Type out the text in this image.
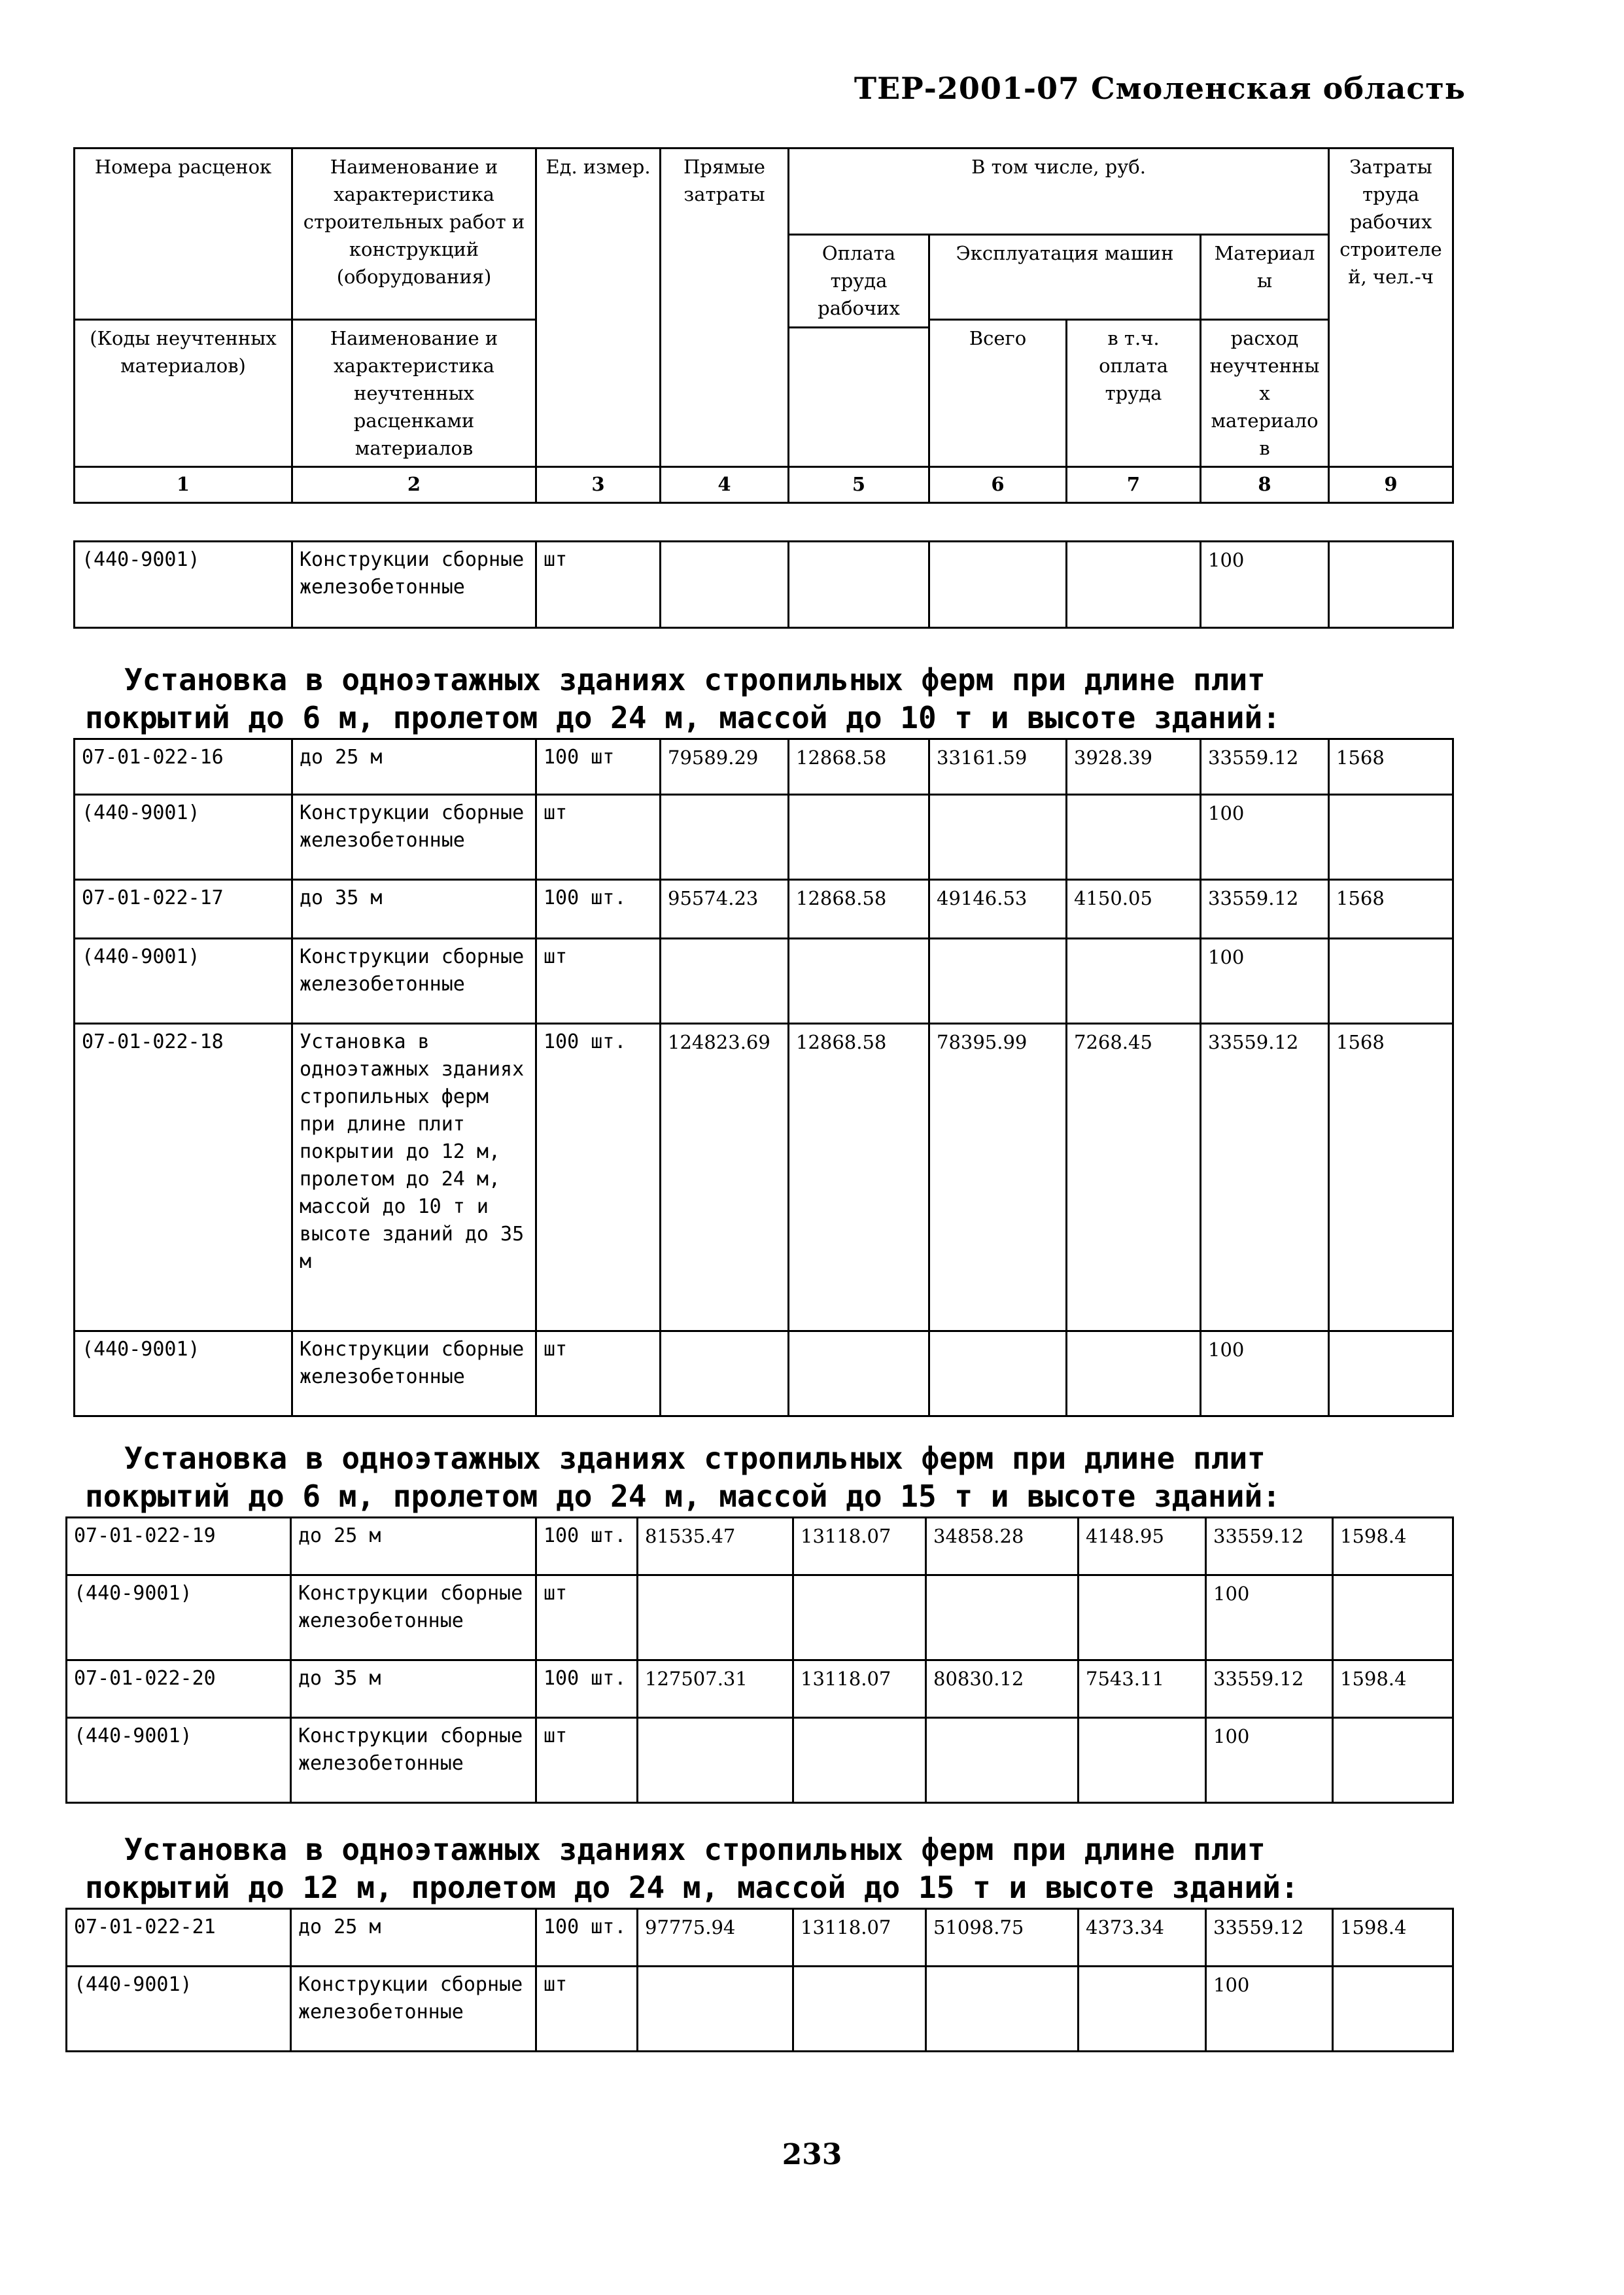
ТЕР-2001-07 Смоленская область
Номера расценок	Наименование и характеристика строительных работ и конструкций (оборудования)	Ед. измер.	Прямые затраты	В том числе, руб.				Затраты труда рабочих строителей, чел.-ч
				Оплата труда рабочих	Эксплуатация машин		Материалы	
(Коды неучтенных материалов)	Наименование и характеристика неучтенных расценками материалов				Всего	в т.ч. оплата труда	расход неучтенных материалов	

1	2	3	4	5	6	7	8	9
(440-9001)	Конструкции сборные железобетонные	шт					100	
Установка в одноэтажных зданиях стропильных ферм при длине плит
покрытий до 6 м, пролетом до 24 м, массой до 10 т и высоте зданий:
07-01-022-16	до 25 м	100 шт	79589.29	12868.58	33161.59	3928.39	33559.12	1568
(440-9001)	Конструкции сборные железобетонные	шт					100	
07-01-022-17	до 35 м	100 шт.	95574.23	12868.58	49146.53	4150.05	33559.12	1568
(440-9001)	Конструкции сборные железобетонные	шт					100	
07-01-022-18	Установка в одноэтажных зданиях стропильных ферм при длине плит покрытии до 12 м, пролетом до 24 м, массой до 10 т и высоте зданий до 35 м	100 шт.	124823.69	12868.58	78395.99	7268.45	33559.12	1568
(440-9001)	Конструкции сборные железобетонные	шт					100	
Установка в одноэтажных зданиях стропильных ферм при длине плит
покрытий до 6 м, пролетом до 24 м, массой до 15 т и высоте зданий:
07-01-022-19	до 25 м	100 шт.	81535.47	13118.07	34858.28	4148.95	33559.12	1598.4
(440-9001)	Конструкции сборные железобетонные	шт					100	
07-01-022-20	до 35 м	100 шт.	127507.31	13118.07	80830.12	7543.11	33559.12	1598.4
(440-9001)	Конструкции сборные железобетонные	шт					100	
Установка в одноэтажных зданиях стропильных ферм при длине плит
покрытий до 12 м, пролетом до 24 м, массой до 15 т и высоте зданий:
07-01-022-21	до 25 м	100 шт.	97775.94	13118.07	51098.75	4373.34	33559.12	1598.4
(440-9001)	Конструкции сборные железобетонные	шт					100	
233
